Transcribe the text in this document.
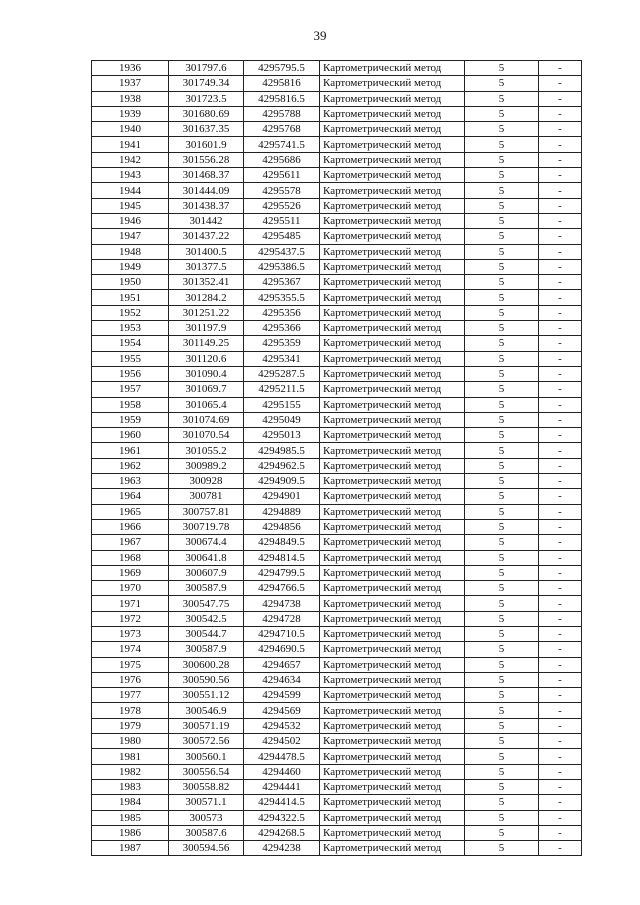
39
1936	301797.6	4295795.5	Картометрический метод	5	-
1937	301749.34	4295816	Картометрический метод	5	-
1938	301723.5	4295816.5	Картометрический метод	5	-
1939	301680.69	4295788	Картометрический метод	5	-
1940	301637.35	4295768	Картометрический метод	5	-
1941	301601.9	4295741.5	Картометрический метод	5	-
1942	301556.28	4295686	Картометрический метод	5	-
1943	301468.37	4295611	Картометрический метод	5	-
1944	301444.09	4295578	Картометрический метод	5	-
1945	301438.37	4295526	Картометрический метод	5	-
1946	301442	4295511	Картометрический метод	5	-
1947	301437.22	4295485	Картометрический метод	5	-
1948	301400.5	4295437.5	Картометрический метод	5	-
1949	301377.5	4295386.5	Картометрический метод	5	-
1950	301352.41	4295367	Картометрический метод	5	-
1951	301284.2	4295355.5	Картометрический метод	5	-
1952	301251.22	4295356	Картометрический метод	5	-
1953	301197.9	4295366	Картометрический метод	5	-
1954	301149.25	4295359	Картометрический метод	5	-
1955	301120.6	4295341	Картометрический метод	5	-
1956	301090.4	4295287.5	Картометрический метод	5	-
1957	301069.7	4295211.5	Картометрический метод	5	-
1958	301065.4	4295155	Картометрический метод	5	-
1959	301074.69	4295049	Картометрический метод	5	-
1960	301070.54	4295013	Картометрический метод	5	-
1961	301055.2	4294985.5	Картометрический метод	5	-
1962	300989.2	4294962.5	Картометрический метод	5	-
1963	300928	4294909.5	Картометрический метод	5	-
1964	300781	4294901	Картометрический метод	5	-
1965	300757.81	4294889	Картометрический метод	5	-
1966	300719.78	4294856	Картометрический метод	5	-
1967	300674.4	4294849.5	Картометрический метод	5	-
1968	300641.8	4294814.5	Картометрический метод	5	-
1969	300607.9	4294799.5	Картометрический метод	5	-
1970	300587.9	4294766.5	Картометрический метод	5	-
1971	300547.75	4294738	Картометрический метод	5	-
1972	300542.5	4294728	Картометрический метод	5	-
1973	300544.7	4294710.5	Картометрический метод	5	-
1974	300587.9	4294690.5	Картометрический метод	5	-
1975	300600.28	4294657	Картометрический метод	5	-
1976	300590.56	4294634	Картометрический метод	5	-
1977	300551.12	4294599	Картометрический метод	5	-
1978	300546.9	4294569	Картометрический метод	5	-
1979	300571.19	4294532	Картометрический метод	5	-
1980	300572.56	4294502	Картометрический метод	5	-
1981	300560.1	4294478.5	Картометрический метод	5	-
1982	300556.54	4294460	Картометрический метод	5	-
1983	300558.82	4294441	Картометрический метод	5	-
1984	300571.1	4294414.5	Картометрический метод	5	-
1985	300573	4294322.5	Картометрический метод	5	-
1986	300587.6	4294268.5	Картометрический метод	5	-
1987	300594.56	4294238	Картометрический метод	5	-
